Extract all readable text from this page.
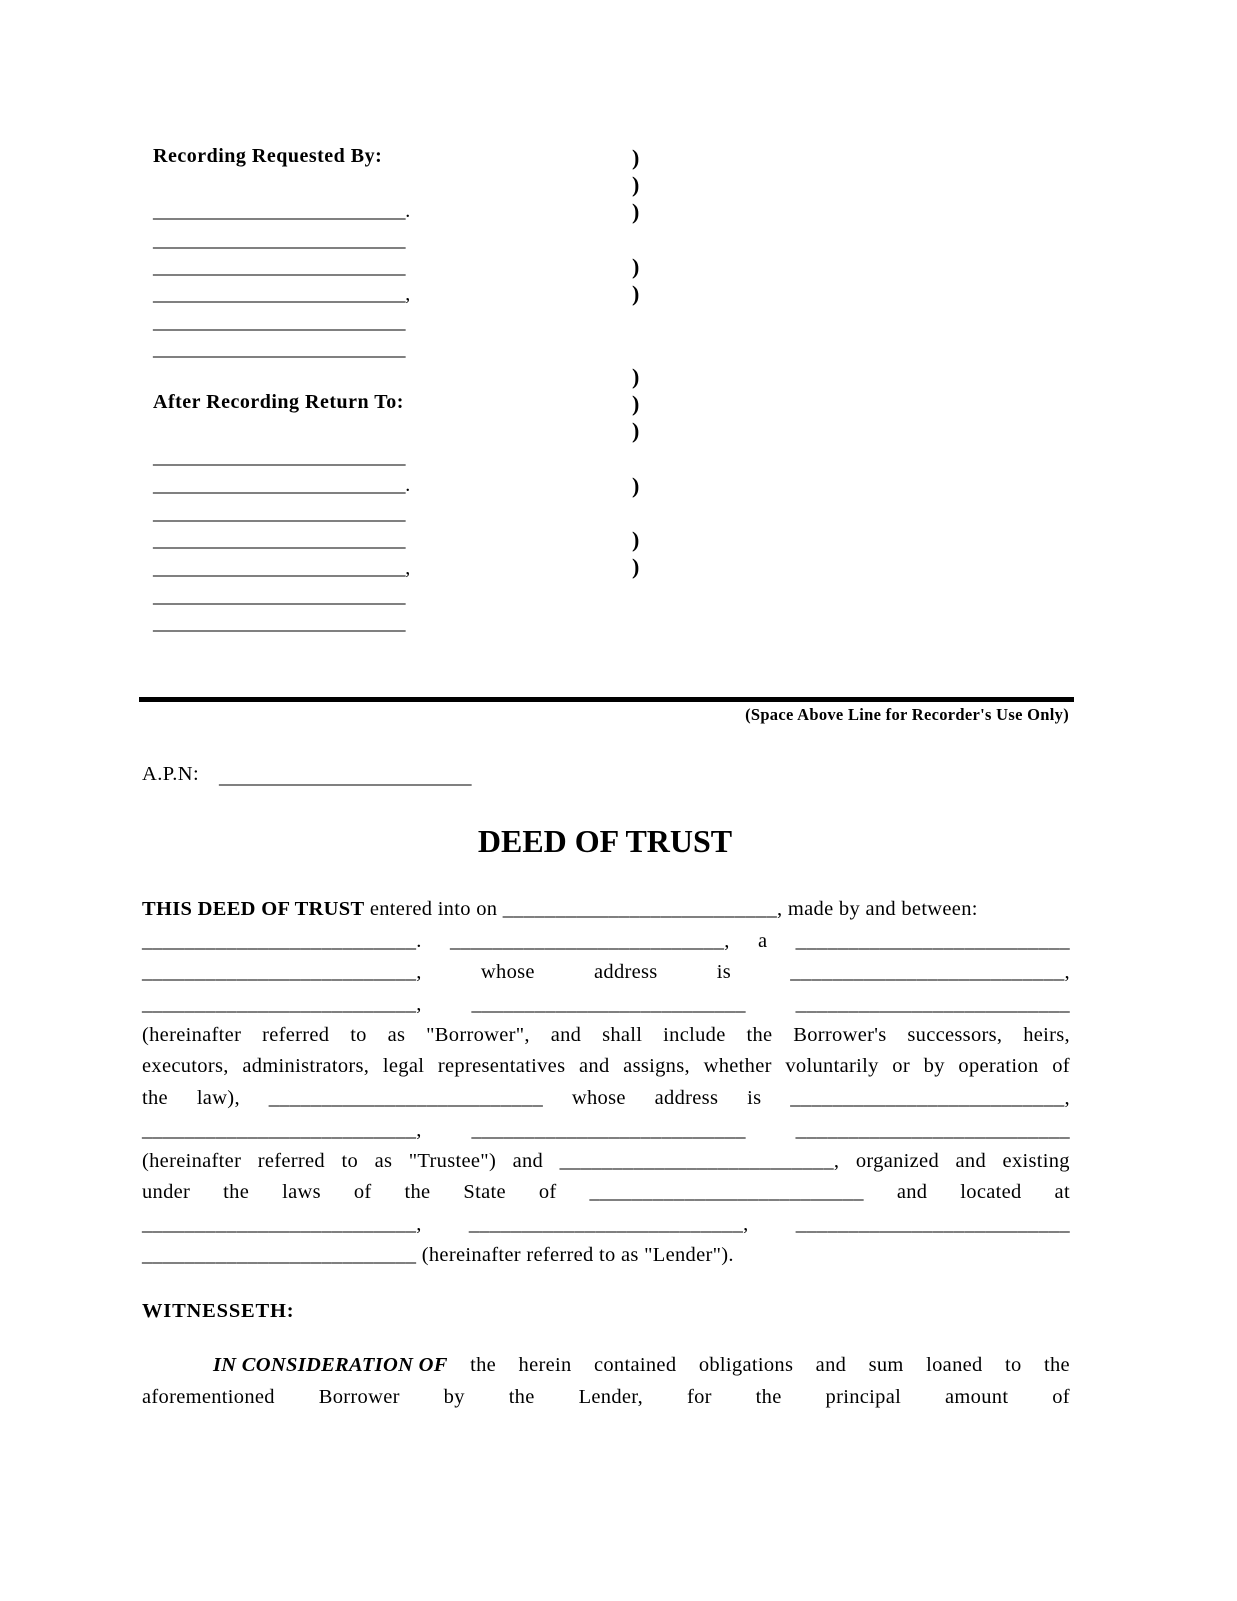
Recording Requested By:
__________________________.
__________________________
__________________________
__________________________,
__________________________
__________________________
)
)
)
)
)
)
)
)
)
)
)
After Recording Return To:
__________________________
__________________________.
__________________________
__________________________
__________________________,
__________________________
__________________________
(Space Above Line for Recorder's Use Only)
A.P.N: __________________________
DEED OF TRUST
THIS DEED OF TRUST entered into on __________________________ , made by and between:
__________________________. __________________________, a __________________________
__________________________,	whose	address	is	__________________________,
__________________________, __________________________ __________________________
(hereinafter referred to as "Borrower", and shall include the Borrower's successors, heirs,
executors, administrators, legal representatives and assigns, whether voluntarily or by operation of
the law), __________________________ whose address is __________________________,
__________________________, __________________________ __________________________
(hereinafter referred to as "Trustee") and __________________________, organized and existing
under the laws of the State of __________________________ and located at
__________________________, __________________________, __________________________
__________________________ (hereinafter referred to as "Lender").
WITNESSETH:
IN CONSIDERATION OF the herein contained obligations and sum loaned to the
aforementioned Borrower by the Lender, for the principal amount of
